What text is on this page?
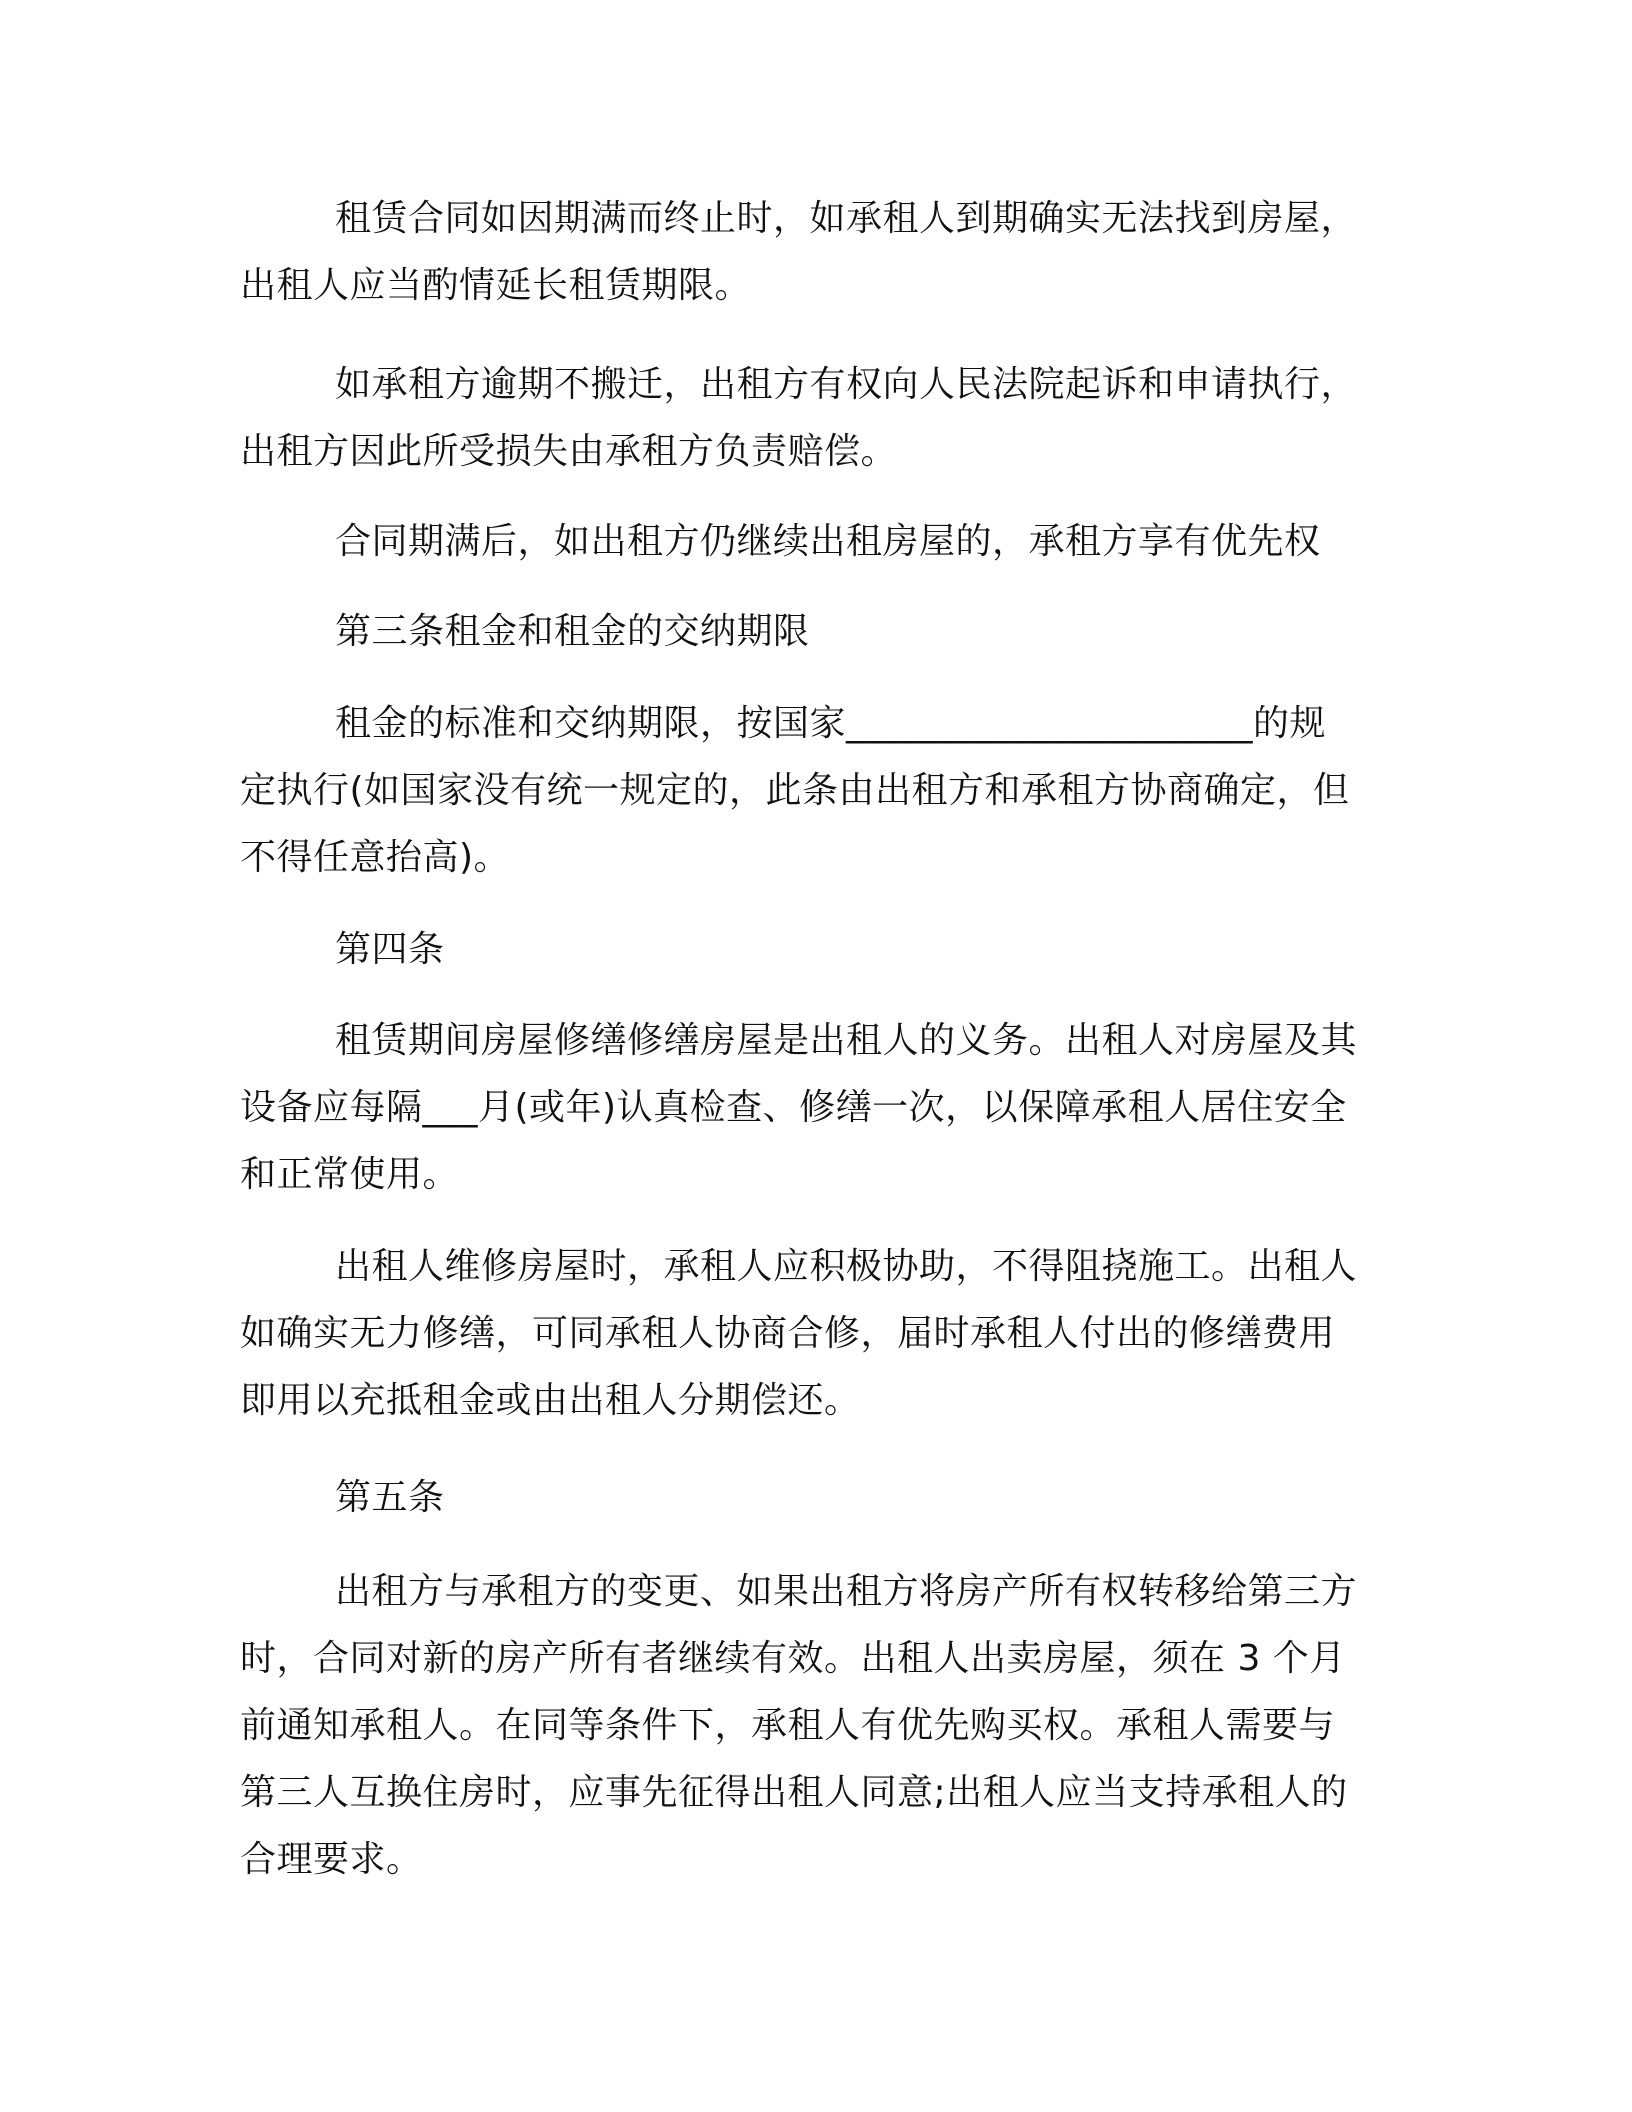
租赁合同如因期满而终止时，如承租人到期确实无法找到房屋，
出租人应当酌情延长租赁期限。

如承租方逾期不搬迁，出租方有权向人民法院起诉和申请执行，
出租方因此所受损失由承租方负责赔偿。

合同期满后，如出租方仍继续出租房屋的，承租方享有优先权

第三条租金和租金的交纳期限

租金的标准和交纳期限，按国家______________________的规
定执行(如国家没有统一规定的，此条由出租方和承租方协商确定，但
不得任意抬高)。

第四条

租赁期间房屋修缮修缮房屋是出租人的义务。出租人对房屋及其
设备应每隔___月(或年)认真检查、修缮一次，以保障承租人居住安全
和正常使用。

出租人维修房屋时，承租人应积极协助，不得阻挠施工。出租人
如确实无力修缮，可同承租人协商合修，届时承租人付出的修缮费用
即用以充抵租金或由出租人分期偿还。

第五条

出租方与承租方的变更、如果出租方将房产所有权转移给第三方
时，合同对新的房产所有者继续有效。出租人出卖房屋，须在 3 个月
前通知承租人。在同等条件下，承租人有优先购买权。承租人需要与
第三人互换住房时，应事先征得出租人同意;出租人应当支持承租人的
合理要求。
